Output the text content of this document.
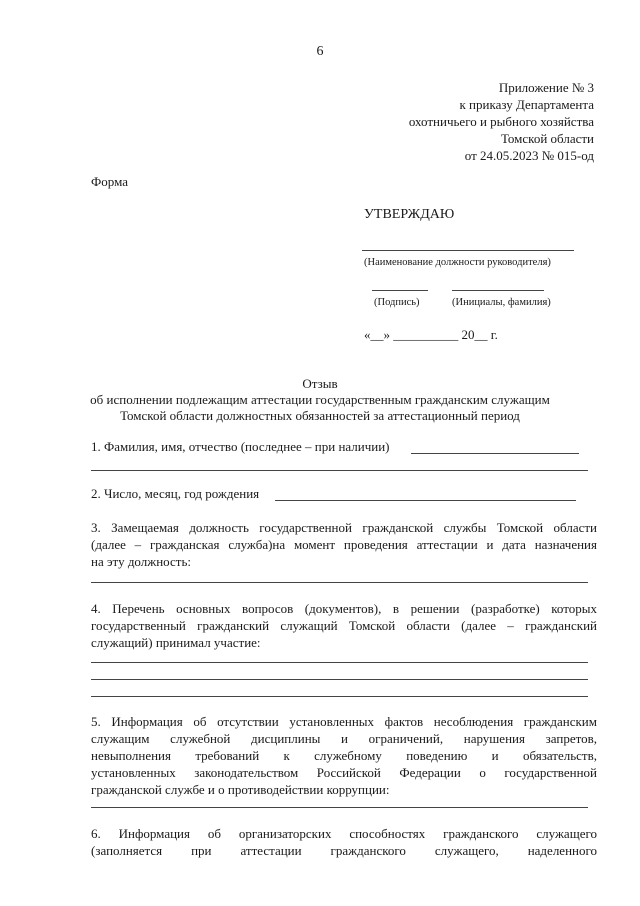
6
Приложение № 3
к приказу Департамента
охотничьего и рыбного хозяйства
Томской области
от 24.05.2023 № 015-од
Форма
УТВЕРЖДАЮ
(Наименование должности руководителя)
(Подпись)	(Инициалы, фамилия)
«__» __________ 20__ г.
Отзыв
об исполнении подлежащим аттестации государственным гражданским служащим
Томской области должностных обязанностей за аттестационный период
1. Фамилия, имя, отчество (последнее – при наличии)
2. Число, месяц, год рождения
3. Замещаемая должность государственной гражданской службы Томской области
(далее – гражданская служба)на момент проведения аттестации и дата назначения
на эту должность:
4. Перечень основных вопросов (документов), в решении (разработке) которых
государственный гражданский служащий Томской области (далее – гражданский
служащий) принимал участие:
5. Информация об отсутствии установленных фактов несоблюдения гражданским
служащим служебной дисциплины и ограничений, нарушения запретов,
невыполнения требований к служебному поведению и обязательств,
установленных законодательством Российской Федерации о государственной
гражданской службе и о противодействии коррупции:
6. Информация об организаторских способностях гражданского служащего
(заполняется при аттестации гражданского служащего, наделенного
